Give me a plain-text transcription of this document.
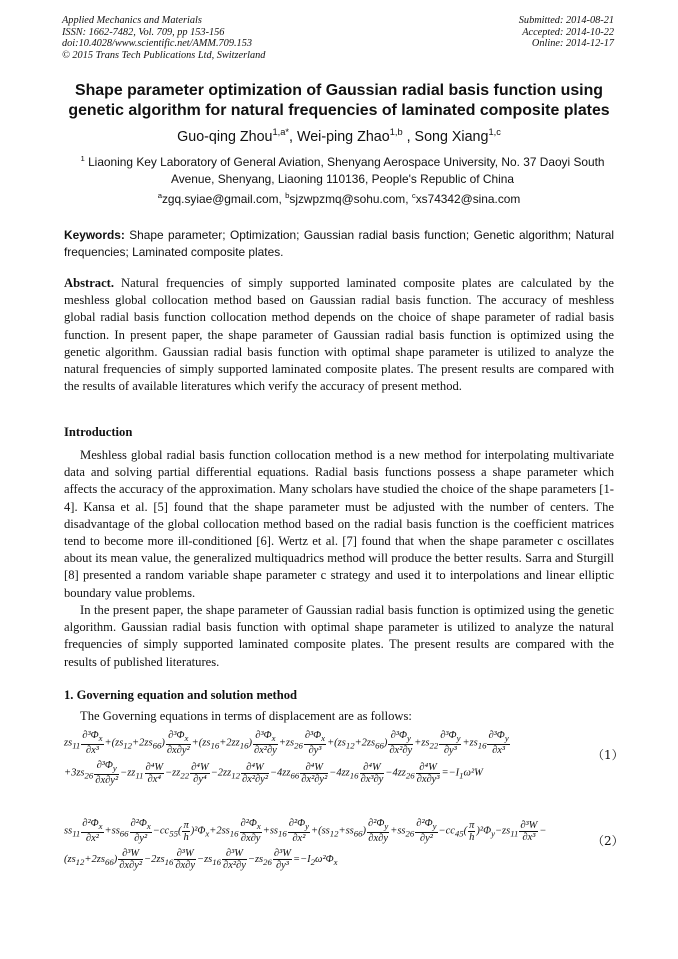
Applied Mechanics and Materials
ISSN: 1662-7482, Vol. 709, pp 153-156
doi:10.4028/www.scientific.net/AMM.709.153
© 2015 Trans Tech Publications Ltd, Switzerland
Submitted: 2014-08-21
Accepted: 2014-10-22
Online: 2014-12-17
Shape parameter optimization of Gaussian radial basis function using genetic algorithm for natural frequencies of laminated composite plates
Guo-qing Zhou$^{1,a*}$, Wei-ping Zhao$^{1,b}$ , Song Xiang$^{1,c}$
$^1$ Liaoning Key Laboratory of General Aviation, Shenyang Aerospace University, No. 37 Daoyi South Avenue, Shenyang, Liaoning 110136, People's Republic of China
$^a$zgq.syiae@gmail.com, $^b$sjzwpzmq@sohu.com, $^c$xs74342@sina.com
Keywords: Shape parameter; Optimization; Gaussian radial basis function; Genetic algorithm; Natural frequencies; Laminated composite plates.
Abstract. Natural frequencies of simply supported laminated composite plates are calculated by the meshless global collocation method based on Gaussian radial basis function. The accuracy of meshless global radial basis function collocation method depends on the choice of shape parameter of radial basis function. In present paper, the shape parameter of Gaussian radial basis function is optimized using the genetic algorithm. Gaussian radial basis function with optimal shape parameter is utilized to analyze the natural frequencies of simply supported laminated composite plates. The present results are compared with the results of available literatures which verify the accuracy of present method.
Introduction
Meshless global radial basis function collocation method is a new method for interpolating multivariate data and solving partial differential equations. Radial basis functions possess a shape parameter which affects the accuracy of the approximation. Many scholars have studied the choice of the shape parameters [1-4]. Kansa et al. [5] found that the shape parameter must be adjusted with the number of centers. The disadvantage of the global collocation method based on the radial basis function is the coefficient matrices tend to become more ill-conditioned [6]. Wertz et al. [7] found that when the shape parameter c oscillates about its mean value, the generalized multiquadrics method will produce the better results. Sarra and Sturgill [8] presented a random variable shape parameter c strategy and used it to interpolations and linear elliptic boundary value problems.
In the present paper, the shape parameter of Gaussian radial basis function is optimized using the genetic algorithm. Gaussian radial basis function with optimal shape parameter is utilized to analyze the natural frequencies of simply supported laminated composite plates. The present results are compared with the results of published literatures.
1. Governing equation and solution method
The Governing equations in terms of displacement are as follows:
$zs_{11} \frac{\partial^3\Phi_x}{\text{∂x³}} +(zs_{12}+2zs_{66}) \frac{\partial^3\Phi_x}{\text{∂x∂y²}} +(zs_{16}+2zz_{16}) \frac{\partial^3\Phi_x}{\text{∂x²∂y}} +zs_{26} \frac{\partial^3\Phi_x}{\text{∂y³}} +(zs_{12}+2zs_{66}) \frac{\partial^3\Phi_y}{\text{∂x²∂y}} +zs_{22} \frac{\partial^3\Phi_y}{\text{∂y³}} +zs_{16} \frac{\partial^3\Phi_y}{\text{∂x³}}$
$+3zs_{26} \frac{\partial^3\Phi_y}{\text{∂x∂y²}} -zz_{11} \frac{\text{∂⁴W}}{\text{∂x⁴}} -zz_{22} \frac{\text{∂⁴W}}{\text{∂y⁴}} -2zz_{12} \frac{\text{∂⁴W}}{\text{∂x²∂y²}} -4zz_{66} \frac{\text{∂⁴W}}{\text{∂x²∂y²}} -4zz_{16} \frac{\text{∂⁴W}}{\text{∂x³∂y}} -4zz_{26} \frac{\text{∂⁴W}}{\text{∂x∂y³}} =-I_1\omega^2W$
（1）
$ss_{11} \frac{\partial^2\Phi_x}{\text{∂x²}} +ss_{66} \frac{\partial^2\Phi_x}{\text{∂y²}} -cc_{55}( \frac{\pi}{h} )^2\Phi_x+2ss_{16} \frac{\partial^2\Phi_x}{\partial x\partial y} +ss_{16} \frac{\partial^2\Phi_y}{\text{∂x²}} +(ss_{12}+ss_{66}) \frac{\partial^2\Phi_y}{\partial x\partial y} +ss_{26} \frac{\partial^2\Phi_y}{\text{∂y²}} -cc_{45}( \frac{\pi}{h} )^2\Phi_y-zs_{11} \frac{\text{∂³W}}{\text{∂x³}}$ −
$(zs_{12}+2zs_{66}) \frac{\text{∂³W}}{\text{∂x∂y²}} -2zs_{16} \frac{\text{∂³W}}{\partial x\partial y} -zs_{16} \frac{\text{∂³W}}{\text{∂x²∂y}} -zs_{26} \frac{\text{∂³W}}{\text{∂y³}} =-I_2\omega^2\Phi_x$
（2）
